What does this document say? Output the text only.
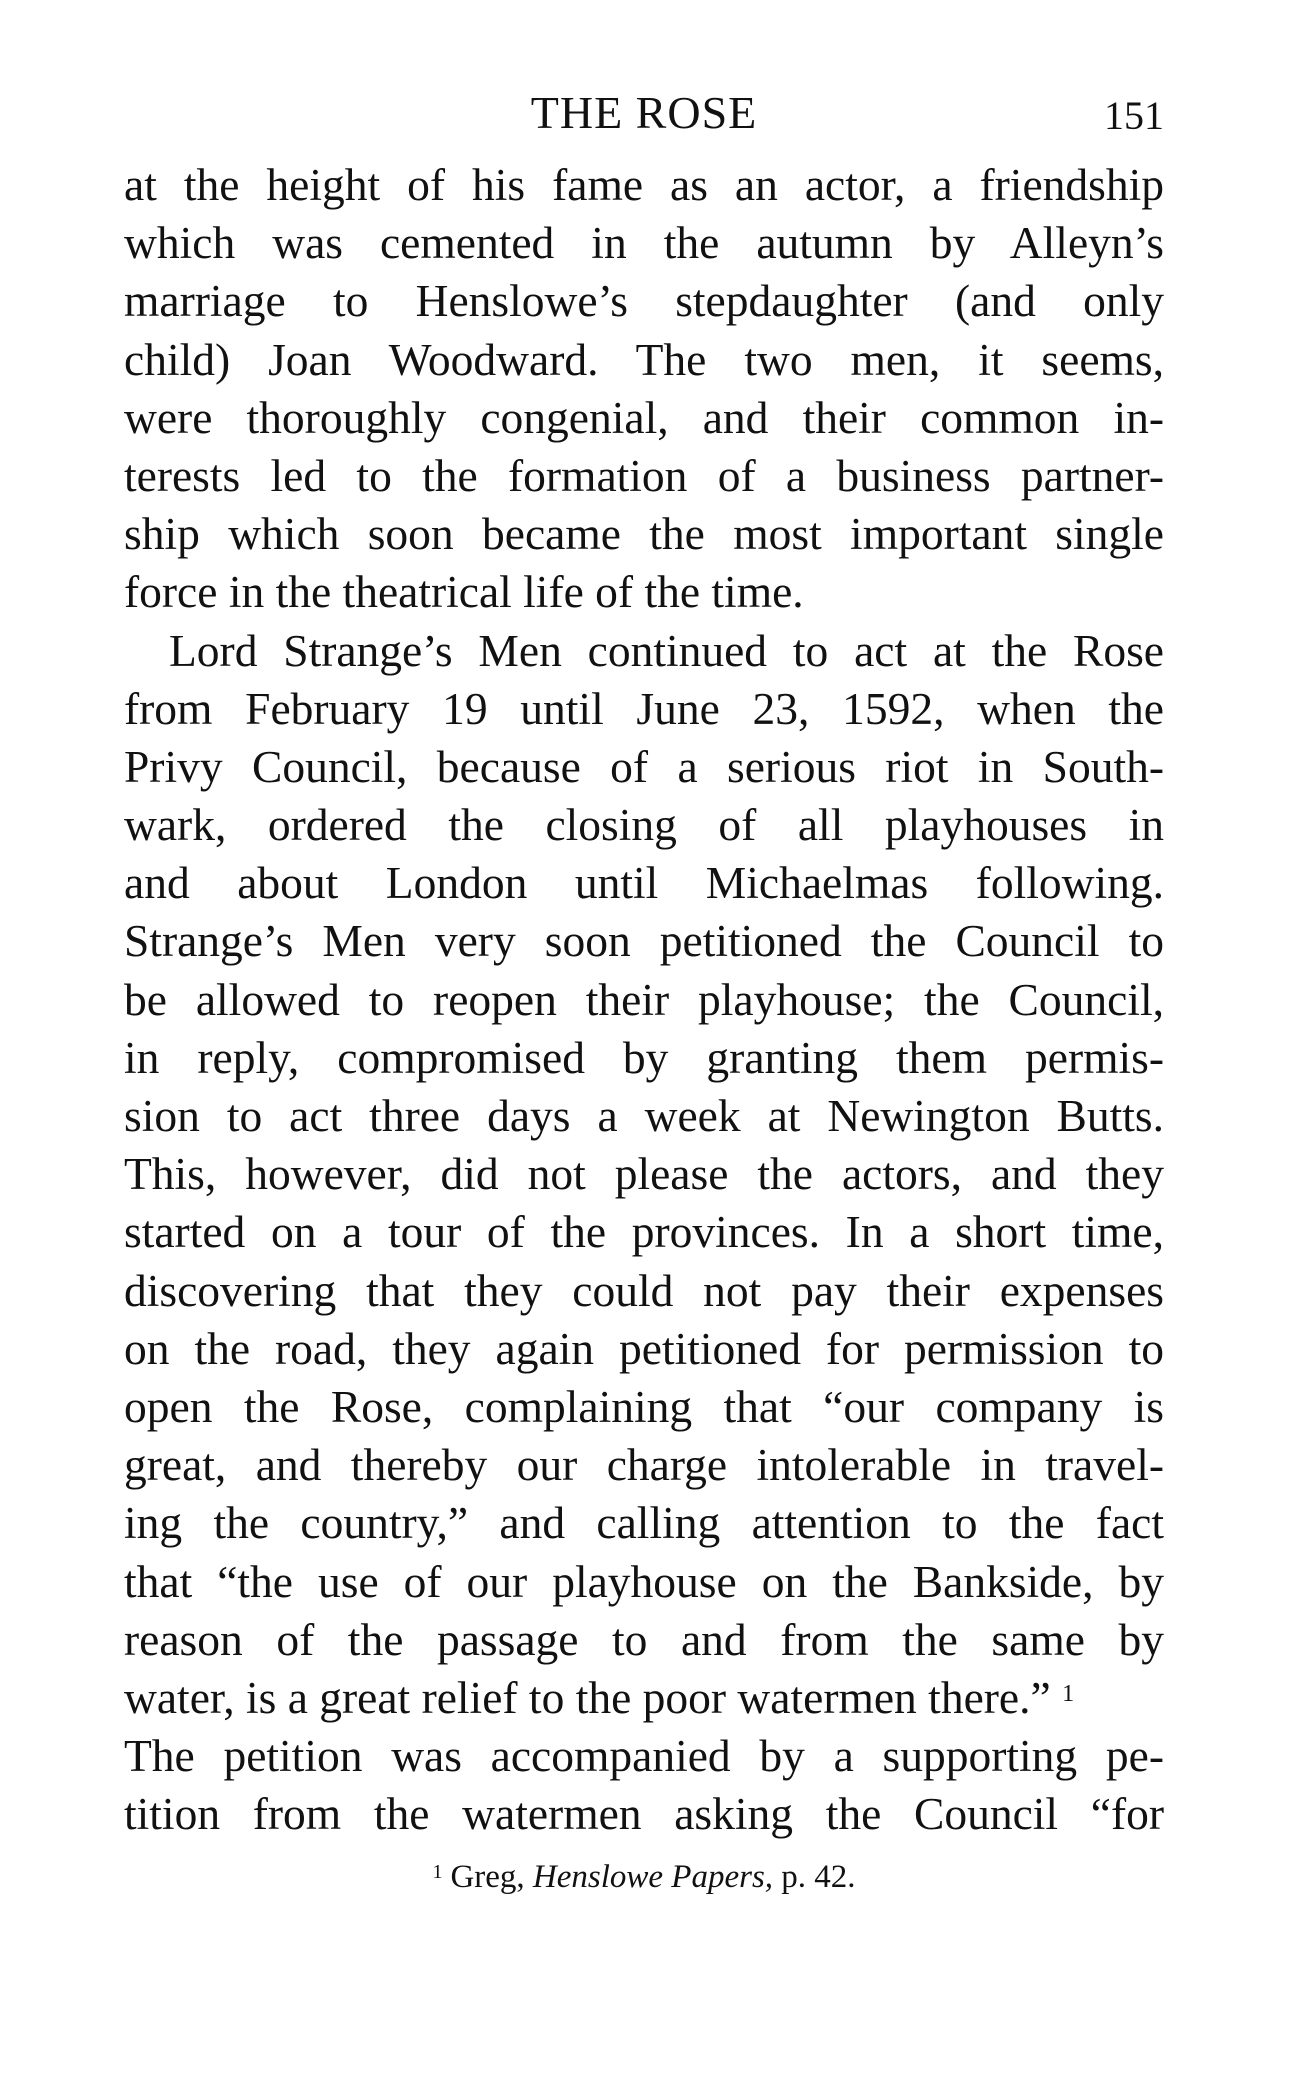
THE ROSE	151
at the height of his fame as an actor, a friendship
which was cemented in the autumn by Alleyn’s
marriage to Henslowe’s stepdaughter (and only
child) Joan Woodward. The two men, it seems,
were thoroughly congenial, and their common in-
terests led to the formation of a business partner-
ship which soon became the most important single
force in the theatrical life of the time.
Lord Strange’s Men continued to act at the Rose
from February 19 until June 23, 1592, when the
Privy Council, because of a serious riot in South-
wark, ordered the closing of all playhouses in
and about London until Michaelmas following.
Strange’s Men very soon petitioned the Council to
be allowed to reopen their playhouse; the Council,
in reply, compromised by granting them permis-
sion to act three days a week at Newington Butts.
This, however, did not please the actors, and they
started on a tour of the provinces. In a short time,
discovering that they could not pay their expenses
on the road, they again petitioned for permission to
open the Rose, complaining that “our company is
great, and thereby our charge intolerable in travel-
ing the country,” and calling attention to the fact
that “the use of our playhouse on the Bankside, by
reason of the passage to and from the same by
water, is a great relief to the poor watermen there.” $^1$
The petition was accompanied by a supporting pe-
tition from the watermen asking the Council “for
$^1$ Greg, Henslowe Papers, p. 42.
